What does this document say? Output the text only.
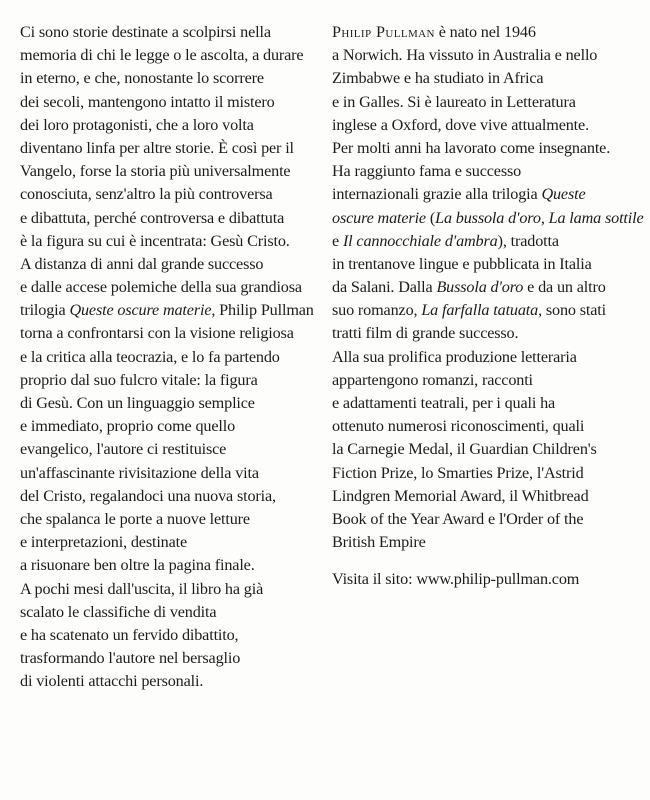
Ci sono storie destinate a scolpirsi nella
memoria di chi le legge o le ascolta, a durare
in eterno, e che, nonostante lo scorrere
dei secoli, mantengono intatto il mistero
dei loro protagonisti, che a loro volta
diventano linfa per altre storie. È così per il
Vangelo, forse la storia più universalmente
conosciuta, senz'altro la più controversa
e dibattuta, perché controversa e dibattuta
è la figura su cui è incentrata: Gesù Cristo.
A distanza di anni dal grande successo
e dalle accese polemiche della sua grandiosa
trilogia Queste oscure materie, Philip Pullman
torna a confrontarsi con la visione religiosa
e la critica alla teocrazia, e lo fa partendo
proprio dal suo fulcro vitale: la figura
di Gesù. Con un linguaggio semplice
e immediato, proprio come quello
evangelico, l'autore ci restituisce
un'affascinante rivisitazione della vita
del Cristo, regalandoci una nuova storia,
che spalanca le porte a nuove letture
e interpretazioni, destinate
a risuonare ben oltre la pagina finale.
A pochi mesi dall'uscita, il libro ha già
scalato le classifiche di vendita
e ha scatenato un fervido dibattito,
trasformando l'autore nel bersaglio
di violenti attacchi personali.
Philip Pullman è nato nel 1946
a Norwich. Ha vissuto in Australia e nello
Zimbabwe e ha studiato in Africa
e in Galles. Si è laureato in Letteratura
inglese a Oxford, dove vive attualmente.
Per molti anni ha lavorato come insegnante.
Ha raggiunto fama e successo
internazionali grazie alla trilogia Queste
oscure materie (La bussola d'oro, La lama sottile
e Il cannocchiale d'ambra), tradotta
in trentanove lingue e pubblicata in Italia
da Salani. Dalla Bussola d'oro e da un altro
suo romanzo, La farfalla tatuata, sono stati
tratti film di grande successo.
Alla sua prolifica produzione letteraria
appartengono romanzi, racconti
e adattamenti teatrali, per i quali ha
ottenuto numerosi riconoscimenti, quali
la Carnegie Medal, il Guardian Children's
Fiction Prize, lo Smarties Prize, l'Astrid
Lindgren Memorial Award, il Whitbread
Book of the Year Award e l'Order of the
British Empire
Visita il sito: www.philip-pullman.com
